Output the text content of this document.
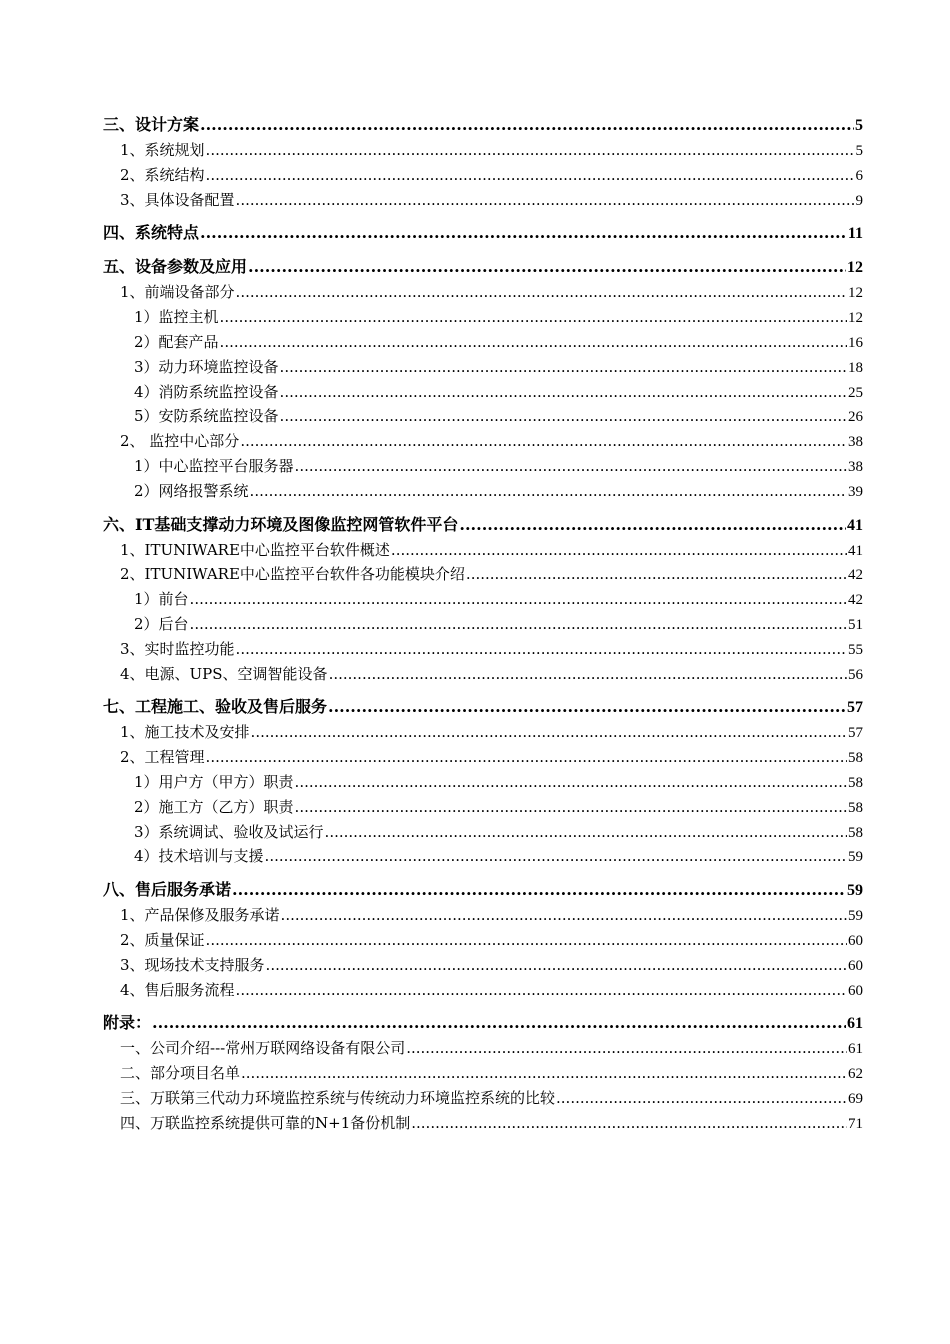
三、设计方案 .....	5
1、系统规划 .....	5
2、系统结构 .....	6
3、具体设备配置 .....	9
四、系统特点 .....	11
五、设备参数及应用 .....	12
1、前端设备部分 .....	12
1）监控主机 .....	12
2）配套产品 .....	16
3）动力环境监控设备 .....	18
4）消防系统监控设备 .....	25
5）安防系统监控设备 .....	26
2、 监控中心部分 .....	38
1）中心监控平台服务器 .....	38
2）网络报警系统 .....	39
六、IT基础支撑动力环境及图像监控网管软件平台 .....	41
1、ITUNIWARE中心监控平台软件概述 .....	41
2、ITUNIWARE中心监控平台软件各功能模块介绍 .....	42
1）前台 .....	42
2）后台 .....	51
3、实时监控功能 .....	55
4、电源、UPS、空调智能设备 .....	56
七、工程施工、验收及售后服务 .....	57
1、施工技术及安排 .....	57
2、工程管理 .....	58
1）用户方（甲方）职责 .....	58
2）施工方（乙方）职责 .....	58
3）系统调试、验收及试运行 .....	58
4）技术培训与支援 .....	59
八、售后服务承诺 .....	59
1、产品保修及服务承诺 .....	59
2、质量保证 .....	60
3、现场技术支持服务 .....	60
4、售后服务流程 .....	60
附录： .....	61
一、公司介绍---常州万联网络设备有限公司 .....	61
二、部分项目名单 .....	62
三、万联第三代动力环境监控系统与传统动力环境监控系统的比较 .....	69
四、万联监控系统提供可靠的N+1备份机制 .....	71
